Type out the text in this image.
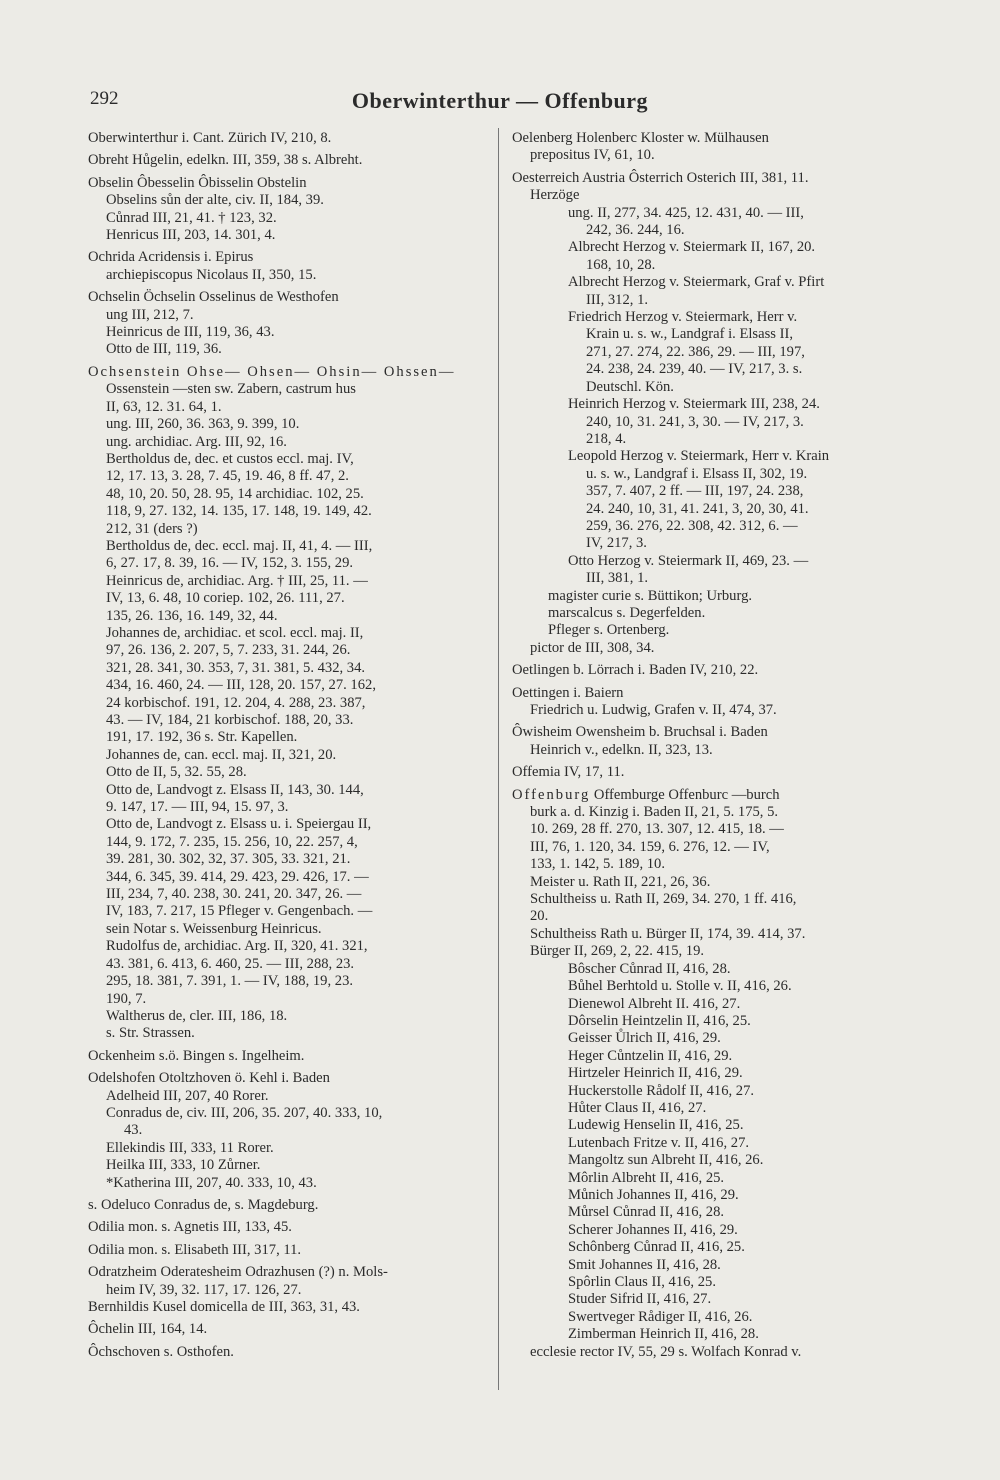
292	Oberwinterthur — Offenburg
Oberwinterthur i. Cant. Zürich IV, 210, 8.
Obreht Hůgelin, edelkn. III, 359, 38 s. Albreht.
Obselin Ôbesselin Ôbisselin Obstelin
Obselins sůn der alte, civ. II, 184, 39.
Cůnrad III, 21, 41. † 123, 32.
Henricus III, 203, 14. 301, 4.
Ochrida Acridensis i. Epirus
archiepiscopus Nicolaus II, 350, 15.
Ochselin Öchselin Osselinus de Westhofen
ung III, 212, 7.
Heinricus de III, 119, 36, 43.
Otto de III, 119, 36.
Ochsenstein Ohse— Ohsen— Ohsin— Ohssen—
Ossenstein —sten sw. Zabern, castrum hus
II, 63, 12. 31. 64, 1.
ung. III, 260, 36. 363, 9. 399, 10.
ung. archidiac. Arg. III, 92, 16.
Bertholdus de, dec. et custos eccl. maj. IV,
12, 17. 13, 3. 28, 7. 45, 19. 46, 8 ff. 47, 2.
48, 10, 20. 50, 28. 95, 14 archidiac. 102, 25.
118, 9, 27. 132, 14. 135, 17. 148, 19. 149, 42.
212, 31 (ders ?)
Bertholdus de, dec. eccl. maj. II, 41, 4. — III,
6, 27. 17, 8. 39, 16. — IV, 152, 3. 155, 29.
Heinricus de, archidiac. Arg. † III, 25, 11. —
IV, 13, 6. 48, 10 coriep. 102, 26. 111, 27.
135, 26. 136, 16. 149, 32, 44.
Johannes de, archidiac. et scol. eccl. maj. II,
97, 26. 136, 2. 207, 5, 7. 233, 31. 244, 26.
321, 28. 341, 30. 353, 7, 31. 381, 5. 432, 34.
434, 16. 460, 24. — III, 128, 20. 157, 27. 162,
24 korbischof. 191, 12. 204, 4. 288, 23. 387,
43. — IV, 184, 21 korbischof. 188, 20, 33.
191, 17. 192, 36 s. Str. Kapellen.
Johannes de, can. eccl. maj. II, 321, 20.
Otto de II, 5, 32. 55, 28.
Otto de, Landvogt z. Elsass II, 143, 30. 144,
9. 147, 17. — III, 94, 15. 97, 3.
Otto de, Landvogt z. Elsass u. i. Speiergau II,
144, 9. 172, 7. 235, 15. 256, 10, 22. 257, 4,
39. 281, 30. 302, 32, 37. 305, 33. 321, 21.
344, 6. 345, 39. 414, 29. 423, 29. 426, 17. —
III, 234, 7, 40. 238, 30. 241, 20. 347, 26. —
IV, 183, 7. 217, 15 Pfleger v. Gengenbach. —
sein Notar s. Weissenburg Heinricus.
Rudolfus de, archidiac. Arg. II, 320, 41. 321,
43. 381, 6. 413, 6. 460, 25. — III, 288, 23.
295, 18. 381, 7. 391, 1. — IV, 188, 19, 23.
190, 7.
Waltherus de, cler. III, 186, 18.
s. Str. Strassen.
Ockenheim s.ö. Bingen s. Ingelheim.
Odelshofen Otoltzhoven ö. Kehl i. Baden
Adelheid III, 207, 40 Rorer.
Conradus de, civ. III, 206, 35. 207, 40. 333, 10,
43.
Ellekindis III, 333, 11 Rorer.
Heilka III, 333, 10 Zůrner.
*Katherina III, 207, 40. 333, 10, 43.
s. Odeluco Conradus de, s. Magdeburg.
Odilia mon. s. Agnetis III, 133, 45.
Odilia mon. s. Elisabeth III, 317, 11.
Odratzheim Oderatesheim Odrazhusen (?) n. Mols-
heim IV, 39, 32. 117, 17. 126, 27.
Bernhildis Kusel domicella de III, 363, 31, 43.
Ôchelin III, 164, 14.
Ôchschoven s. Osthofen.
Oelenberg Holenberc Kloster w. Mülhausen
prepositus IV, 61, 10.
Oesterreich Austria Ôsterrich Osterich III, 381, 11.
Herzöge
ung. II, 277, 34. 425, 12. 431, 40. — III,
242, 36. 244, 16.
Albrecht Herzog v. Steiermark II, 167, 20.
168, 10, 28.
Albrecht Herzog v. Steiermark, Graf v. Pfirt
III, 312, 1.
Friedrich Herzog v. Steiermark, Herr v.
Krain u. s. w., Landgraf i. Elsass II,
271, 27. 274, 22. 386, 29. — III, 197,
24. 238, 24. 239, 40. — IV, 217, 3. s.
Deutschl. Kön.
Heinrich Herzog v. Steiermark III, 238, 24.
240, 10, 31. 241, 3, 30. — IV, 217, 3.
218, 4.
Leopold Herzog v. Steiermark, Herr v. Krain
u. s. w., Landgraf i. Elsass II, 302, 19.
357, 7. 407, 2 ff. — III, 197, 24. 238,
24. 240, 10, 31, 41. 241, 3, 20, 30, 41.
259, 36. 276, 22. 308, 42. 312, 6. —
IV, 217, 3.
Otto Herzog v. Steiermark II, 469, 23. —
III, 381, 1.
magister curie s. Büttikon; Urburg.
marscalcus s. Degerfelden.
Pfleger s. Ortenberg.
pictor de III, 308, 34.
Oetlingen b. Lörrach i. Baden IV, 210, 22.
Oettingen i. Baiern
Friedrich u. Ludwig, Grafen v. II, 474, 37.
Ôwisheim Owensheim b. Bruchsal i. Baden
Heinrich v., edelkn. II, 323, 13.
Offemia IV, 17, 11.
Offenburg Offemburge Offenburc —burch
burk a. d. Kinzig i. Baden II, 21, 5. 175, 5.
10. 269, 28 ff. 270, 13. 307, 12. 415, 18. —
III, 76, 1. 120, 34. 159, 6. 276, 12. — IV,
133, 1. 142, 5. 189, 10.
Meister u. Rath II, 221, 26, 36.
Schultheiss u. Rath II, 269, 34. 270, 1 ff. 416,
20.
Schultheiss Rath u. Bürger II, 174, 39. 414, 37.
Bürger II, 269, 2, 22. 415, 19.
Bôscher Cůnrad II, 416, 28.
Bůhel Berhtold u. Stolle v. II, 416, 26.
Dienewol Albreht II. 416, 27.
Dôrselin Heintzelin II, 416, 25.
Geisser Ůlrich II, 416, 29.
Heger Cůntzelin II, 416, 29.
Hirtzeler Heinrich II, 416, 29.
Huckerstolle Rådolf II, 416, 27.
Hůter Claus II, 416, 27.
Ludewig Henselin II, 416, 25.
Lutenbach Fritze v. II, 416, 27.
Mangoltz sun Albreht II, 416, 26.
Môrlin Albreht II, 416, 25.
Můnich Johannes II, 416, 29.
Můrsel Cůnrad II, 416, 28.
Scherer Johannes II, 416, 29.
Schônberg Cůnrad II, 416, 25.
Smit Johannes II, 416, 28.
Spôrlin Claus II, 416, 25.
Studer Sifrid II, 416, 27.
Swertveger Rådiger II, 416, 26.
Zimberman Heinrich II, 416, 28.
ecclesie rector IV, 55, 29 s. Wolfach Konrad v.
